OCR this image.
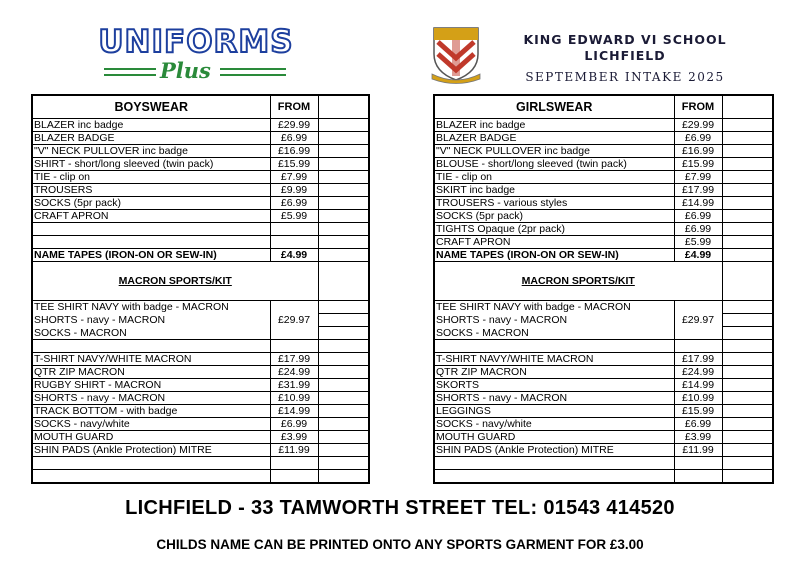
UNIFORMS
Plus
KING EDWARD VI SCHOOL
LICHFIELD
SEPTEMBER INTAKE 2025
BOYSWEAR	FROM	
BLAZER inc badge	£29.99	
BLAZER BADGE	£6.99	
"V" NECK PULLOVER inc badge	£16.99	
SHIRT - short/long sleeved (twin pack)	£15.99	
TIE - clip on	£7.99	
TROUSERS	£9.99	
SOCKS (5pr pack)	£6.99	
CRAFT APRON	£5.99	

NAME TAPES (IRON-ON OR SEW-IN)	£4.99	
MACRON SPORTS/KIT		
TEE SHIRT NAVY with badge - MACRON	£29.97	
SHORTS - navy - MACRON		
SOCKS - MACRON		

T-SHIRT NAVY/WHITE MACRON	£17.99	
QTR ZIP MACRON	£24.99	
RUGBY SHIRT - MACRON	£31.99	
SHORTS - navy - MACRON	£10.99	
TRACK BOTTOM - with badge	£14.99	
SOCKS - navy/white	£6.99	
MOUTH GUARD	£3.99	
SHIN PADS (Ankle Protection) MITRE	£11.99	

GIRLSWEAR	FROM	
BLAZER inc badge	£29.99	
BLAZER BADGE	£6.99	
"V" NECK PULLOVER inc badge	£16.99	
BLOUSE - short/long sleeved (twin pack)	£15.99	
TIE - clip on	£7.99	
SKIRT inc badge	£17.99	
TROUSERS - various styles	£14.99	
SOCKS (5pr pack)	£6.99	
TIGHTS Opaque (2pr pack)	£6.99	
CRAFT APRON	£5.99	
NAME TAPES (IRON-ON OR SEW-IN)	£4.99	
MACRON SPORTS/KIT		
TEE SHIRT NAVY with badge - MACRON	£29.97	
SHORTS - navy - MACRON		
SOCKS - MACRON		

T-SHIRT NAVY/WHITE MACRON	£17.99	
QTR ZIP MACRON	£24.99	
SKORTS	£14.99	
SHORTS - navy - MACRON	£10.99	
LEGGINGS	£15.99	
SOCKS - navy/white	£6.99	
MOUTH GUARD	£3.99	
SHIN PADS (Ankle Protection) MITRE	£11.99	

LICHFIELD - 33 TAMWORTH STREET TEL: 01543 414520
CHILDS NAME CAN BE PRINTED ONTO ANY SPORTS GARMENT FOR £3.00
